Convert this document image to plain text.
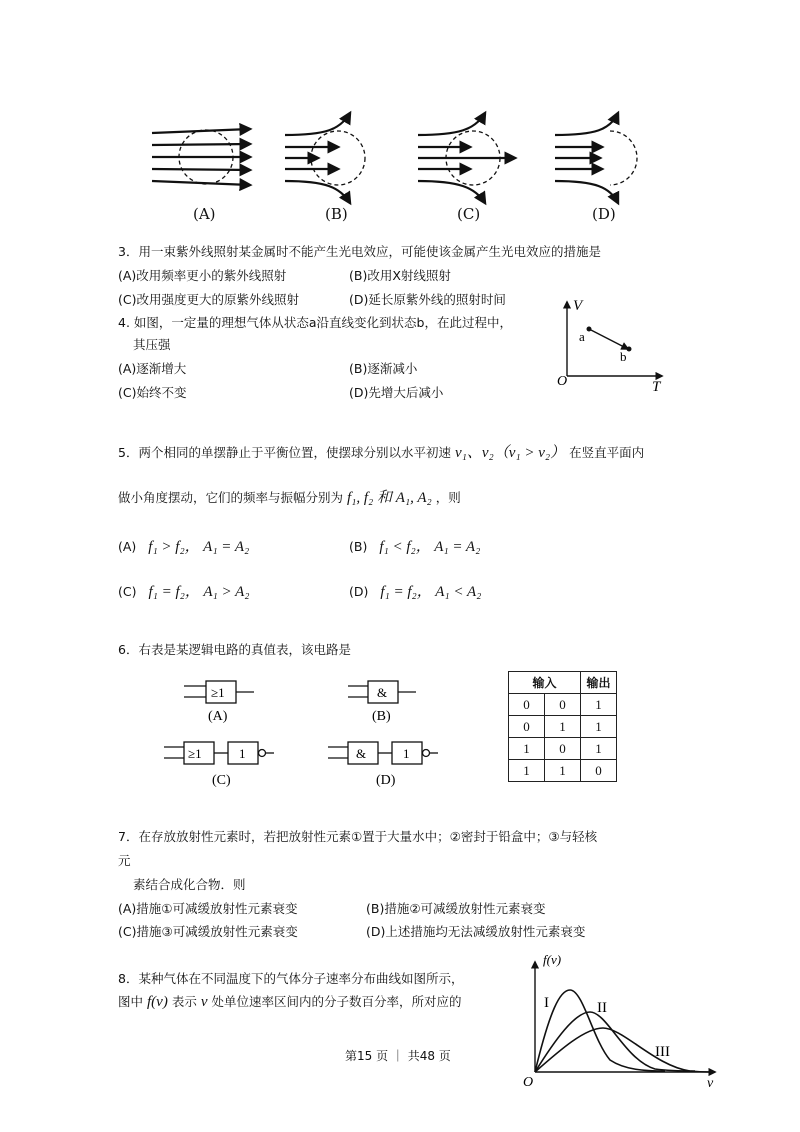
(A)	(B)	(C)	(D)
3．用一束紫外线照射某金属时不能产生光电效应，可能使该金属产生光电效应的措施是
(A)改用频率更小的紫外线照射	(B)改用X射线照射
(C)改用强度更大的原紫外线照射	(D)延长原紫外线的照射时间
4. 如图，一定量的理想气体从状态a沿直线变化到状态b，在此过程中，
其压强
(A)逐渐增大	(B)逐渐减小
(C)始终不变	(D)先增大后减小
V
T
O
a
b
5．两个相同的单摆静止于平衡位置，使摆球分别以水平初速 v₁、v₂（v₁ > v₂） 在竖直平面内
做小角度摆动，它们的频率与振幅分别为 f₁, f₂ 和 A₁, A₂ ，则
(A) f₁ > f₂， A₁ = A₂	(B) f₁ < f₂， A₁ = A₂
(C) f₁ = f₂， A₁ > A₂	(D) f₁ = f₂， A₁ < A₂
6．右表是某逻辑电路的真值表，该电路是
≥1	&
≥1	1	&	1
(A)	(B)
(C)	(D)
输入		输出
0	0	1
0	1	1
1	0	1
1	1	0
7．在存放放射性元素时，若把放射性元素①置于大量水中；②密封于铅盒中；③与轻核
元
素结合成化合物．则
(A)措施①可减缓放射性元素衰变	(B)措施②可减缓放射性元素衰变
(C)措施③可减缓放射性元素衰变	(D)上述措施均无法减缓放射性元素衰变
8．某种气体在不同温度下的气体分子速率分布曲线如图所示，
图中 f(v) 表示 v 处单位速率区间内的分子数百分率，所对应的
f(v)
v
O
I	II
III
第15 页 ｜ 共48 页
